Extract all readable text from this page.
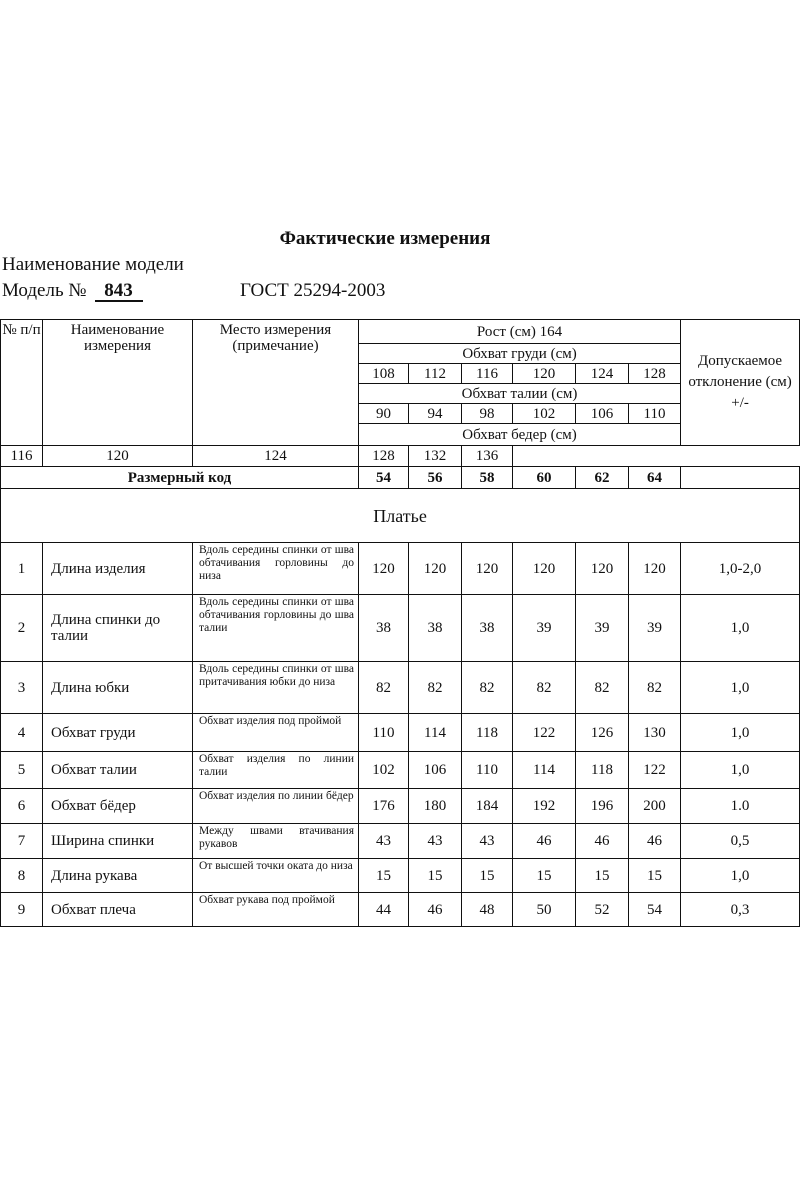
Фактические измерения
Наименование модели
Модель № 843	ГОСТ 25294-2003
№ п/п	Наименование измерения	Место измерения (примечание)	Рост (см) 164						Допускаемое отклонение (см) +/-
			Обхват груди (см)						
			108	112	116	120	124	128	
			Обхват талии (см)						
			90	94	98	102	106	110	
			Обхват бедер (см)						
116	120	124	128	132	136				
Размерный код			54	56	58	60	62	64	
Платье									
1	Длина изделия	Вдоль середины спинки от шва обтачивания горловины до низа	120	120	120	120	120	120	1,0-2,0
2	Длина спинки до талии	Вдоль середины спинки от шва обтачивания горловины до шва талии	38	38	38	39	39	39	1,0
3	Длина юбки	Вдоль середины спинки от шва притачивания юбки до низа	82	82	82	82	82	82	1,0
4	Обхват груди	Обхват изделия под проймой	110	114	118	122	126	130	1,0
5	Обхват талии	Обхват изделия по линии талии	102	106	110	114	118	122	1,0
6	Обхват бёдер	Обхват изделия по линии бёдер	176	180	184	192	196	200	1.0
7	Ширина спинки	Между швами втачивания рукавов	43	43	43	46	46	46	0,5
8	Длина рукава	От высшей точки оката до низа	15	15	15	15	15	15	1,0
9	Обхват плеча	Обхват рукава под проймой	44	46	48	50	52	54	0,3
